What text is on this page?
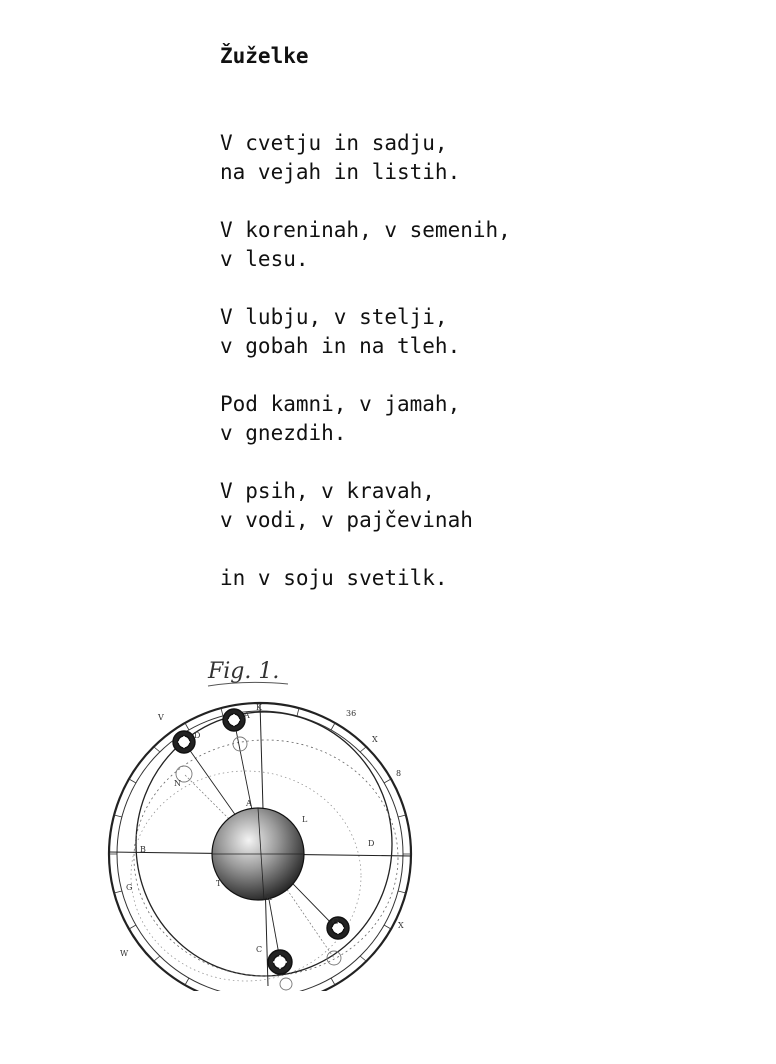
Žuželke
V cvetju in sadju,
na vejah in listih.
V koreninah, v semenih,
v lesu.
V lubju, v stelji,
v gobah in na tleh.
Pod kamni, v jamah,
v gnezdih.
V psih, v kravah,
v vodi, v pajčevinah
in v soju svetilk.
Fig. 1.
V
K
36
X
8
D
B
G
G
C
W
X
K
L
T
A
D
A
N
